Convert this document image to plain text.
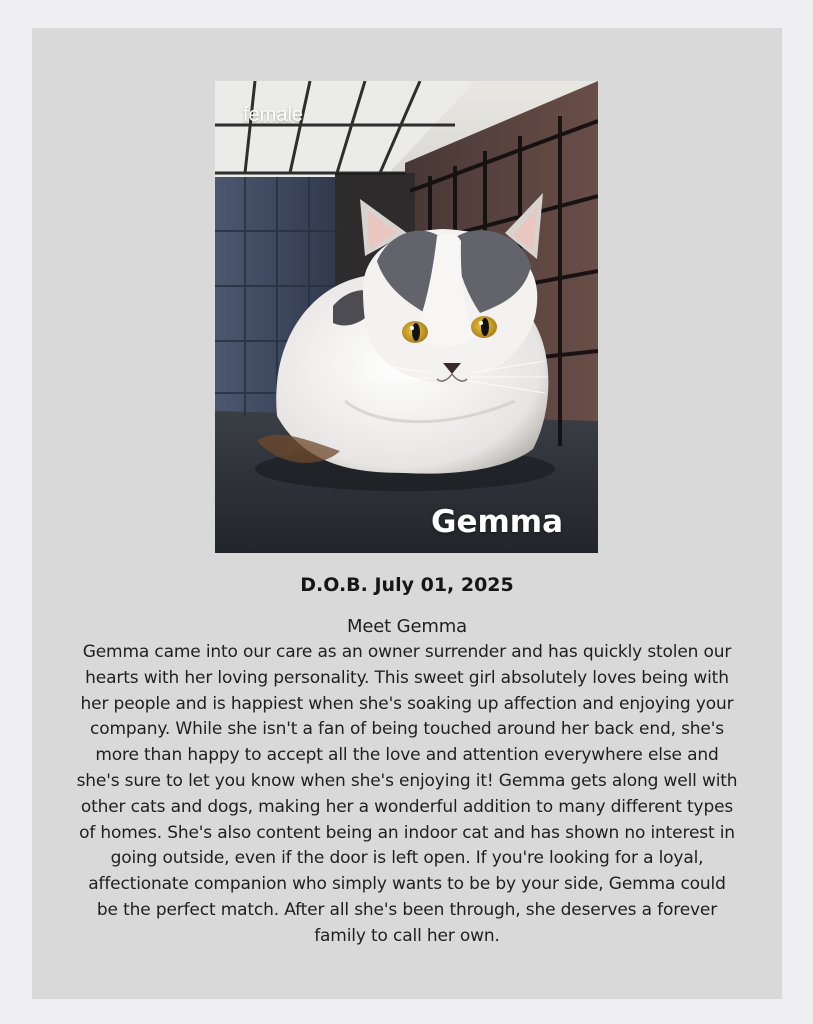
female
Gemma
D.O.B. July 01, 2025
Meet Gemma
Gemma came into our care as an owner surrender and has quickly stolen our
hearts with her loving personality. This sweet girl absolutely loves being with
her people and is happiest when she's soaking up affection and enjoying your
company. While she isn't a fan of being touched around her back end, she's
more than happy to accept all the love and attention everywhere else and
she's sure to let you know when she's enjoying it! Gemma gets along well with
other cats and dogs, making her a wonderful addition to many different types
of homes. She's also content being an indoor cat and has shown no interest in
going outside, even if the door is left open. If you're looking for a loyal,
affectionate companion who simply wants to be by your side, Gemma could
be the perfect match. After all she's been through, she deserves a forever
family to call her own.
